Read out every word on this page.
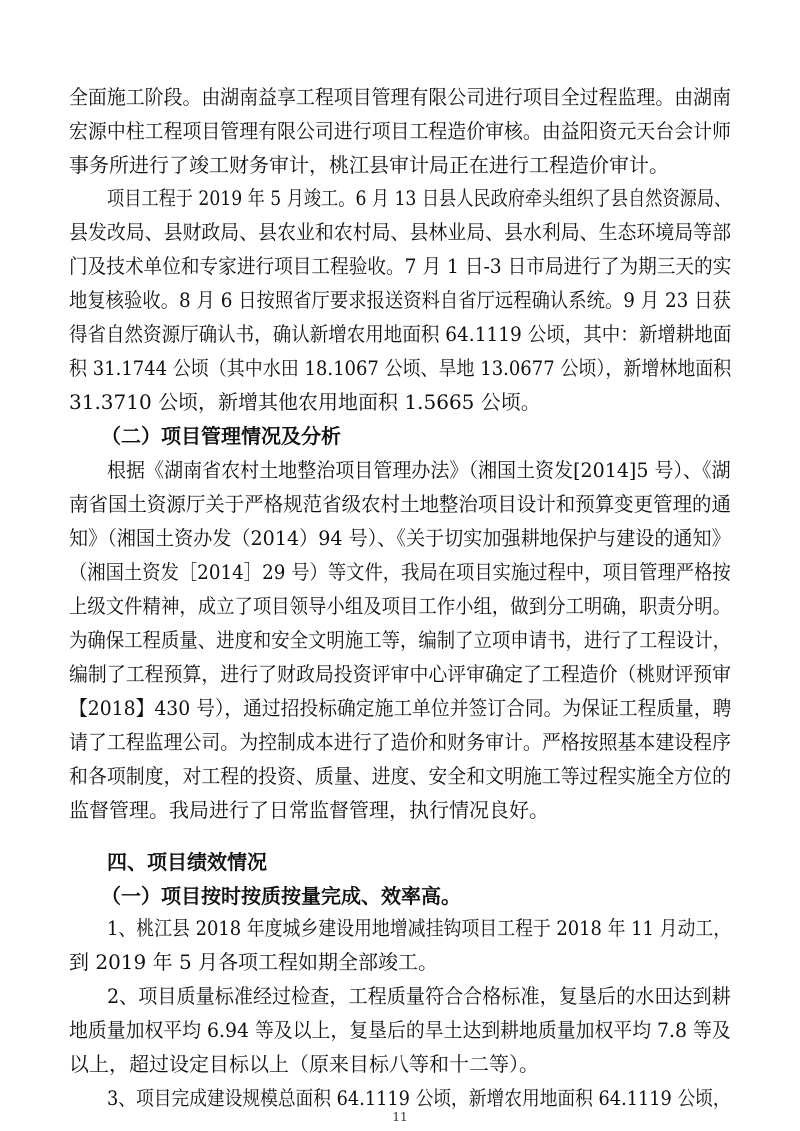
全面施工阶段。由湖南益享工程项目管理有限公司进行项目全过程监理。由湖南
宏源中柱工程项目管理有限公司进行项目工程造价审核。由益阳资元天台会计师
事务所进行了竣工财务审计，桃江县审计局正在进行工程造价审计。
项目工程于 2019 年 5 月竣工。6 月 13 日县人民政府牵头组织了县自然资源局、
县发改局、县财政局、县农业和农村局、县林业局、县水利局、生态环境局等部
门及技术单位和专家进行项目工程验收。7 月 1 日-3 日市局进行了为期三天的实
地复核验收。8 月 6 日按照省厅要求报送资料自省厅远程确认系统。9 月 23 日获
得省自然资源厅确认书，确认新增农用地面积 64.1119 公顷，其中：新增耕地面
积 31.1744 公顷（其中水田 18.1067 公顷、旱地 13.0677 公顷），新增林地面积
31.3710 公顷，新增其他农用地面积 1.5665 公顷。
（二）项目管理情况及分析
根据《湖南省农村土地整治项目管理办法》（湘国土资发[2014]5 号）、《湖
南省国土资源厅关于严格规范省级农村土地整治项目设计和预算变更管理的通
知》（湘国土资办发（2014）94 号）、《关于切实加强耕地保护与建设的通知》
（湘国土资发［2014］29 号）等文件，我局在项目实施过程中，项目管理严格按
上级文件精神，成立了项目领导小组及项目工作小组，做到分工明确，职责分明。
为确保工程质量、进度和安全文明施工等，编制了立项申请书，进行了工程设计，
编制了工程预算，进行了财政局投资评审中心评审确定了工程造价（桃财评预审
【2018】430 号），通过招投标确定施工单位并签订合同。为保证工程质量，聘
请了工程监理公司。为控制成本进行了造价和财务审计。严格按照基本建设程序
和各项制度，对工程的投资、质量、进度、安全和文明施工等过程实施全方位的
监督管理。我局进行了日常监督管理，执行情况良好。
四、项目绩效情况
（一）项目按时按质按量完成、效率高。
1、桃江县 2018 年度城乡建设用地增减挂钩项目工程于 2018 年 11 月动工，
到 2019 年 5 月各项工程如期全部竣工。
2、项目质量标准经过检查，工程质量符合合格标准，复垦后的水田达到耕
地质量加权平均 6.94 等及以上，复垦后的旱土达到耕地质量加权平均 7.8 等及
以上，超过设定目标以上（原来目标八等和十二等）。
3、项目完成建设规模总面积 64.1119 公顷，新增农用地面积 64.1119 公顷，
11
